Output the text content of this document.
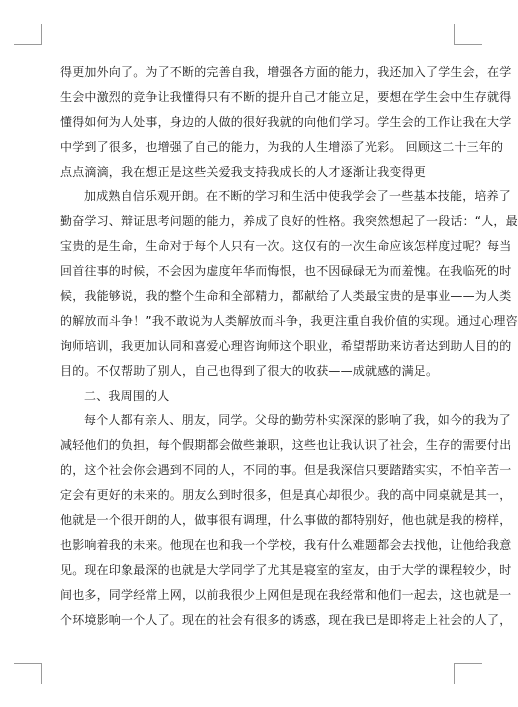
得更加外向了。为了不断的完善自我，增强各方面的能力，我还加入了学生会，在学
生会中激烈的竞争让我懂得只有不断的提升自己才能立足，要想在学生会中生存就得
懂得如何为人处事，身边的人做的很好我就的向他们学习。学生会的工作让我在大学
中学到了很多，也增强了自己的能力，为我的人生增添了光彩。 回顾这二十三年的
点点滴滴，我在想正是这些关爱我支持我成长的人才逐渐让我变得更
加成熟自信乐观开朗。在不断的学习和生活中使我学会了一些基本技能，培养了
勤奋学习、辩证思考问题的能力，养成了良好的性格。我突然想起了一段话：“人，最
宝贵的是生命，生命对于每个人只有一次。这仅有的一次生命应该怎样度过呢？每当
回首往事的时候，不会因为虚度年华而悔恨，也不因碌碌无为而羞愧。在我临死的时
候，我能够说，我的整个生命和全部精力，都献给了人类最宝贵的是事业——为人类
的解放而斗争！”我不敢说为人类解放而斗争，我更注重自我价值的实现。通过心理咨
询师培训，我更加认同和喜爱心理咨询师这个职业，希望帮助来访者达到助人目的的
目的。不仅帮助了别人，自己也得到了很大的收获——成就感的满足。
二、我周围的人
每个人都有亲人、朋友，同学。父母的勤劳朴实深深的影响了我，如今的我为了
减轻他们的负担，每个假期都会做些兼职，这些也让我认识了社会，生存的需要付出
的，这个社会你会遇到不同的人，不同的事。但是我深信只要踏踏实实，不怕辛苦一
定会有更好的未来的。朋友么到时很多，但是真心却很少。我的高中同桌就是其一，
他就是一个很开朗的人，做事很有调理，什么事做的都特别好，他也就是我的榜样，
也影响着我的未来。他现在也和我一个学校，我有什么难题都会去找他，让他给我意
见。现在印象最深的也就是大学同学了尤其是寝室的室友，由于大学的课程较少，时
间也多，同学经常上网，以前我很少上网但是现在我经常和他们一起去，这也就是一
个环境影响一个人了。现在的社会有很多的诱惑，现在我已是即将走上社会的人了，
